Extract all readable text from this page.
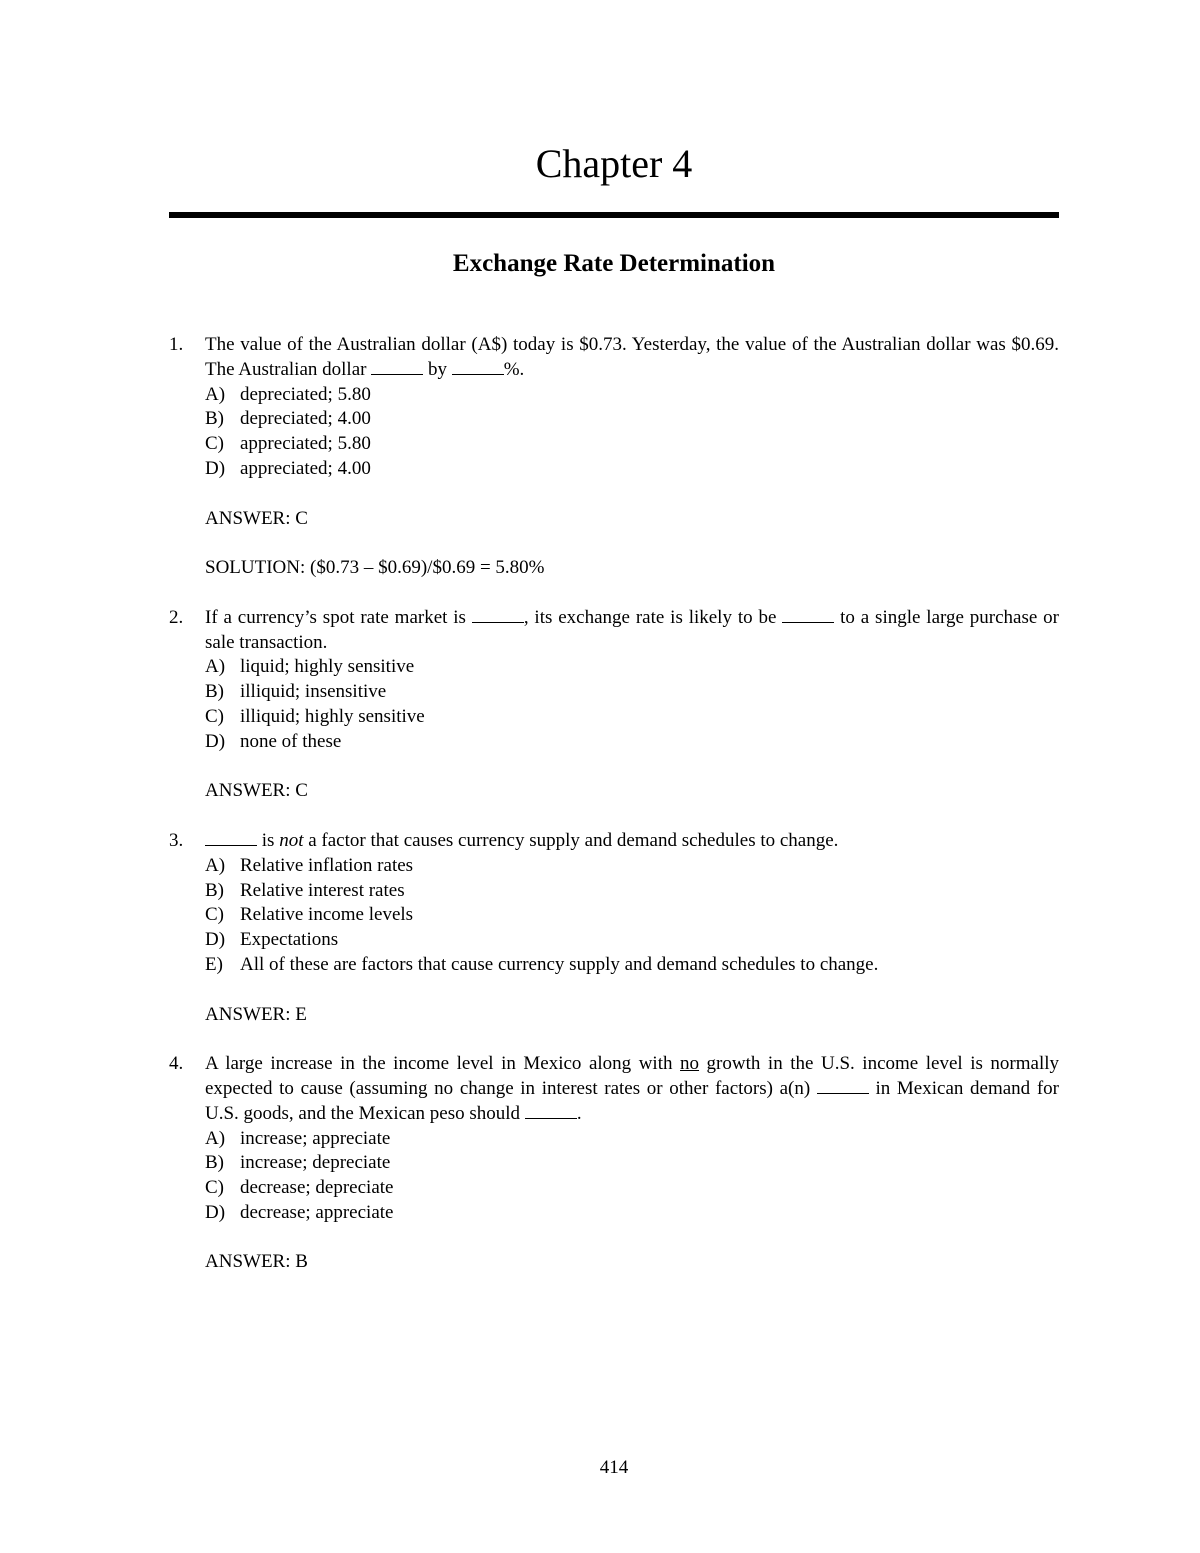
Chapter 4
Exchange Rate Determination
1.	The value of the Australian dollar (A$) today is $0.73. Yesterday, the value of the Australian dollar was $0.69. The Australian dollar	by	%.
A) depreciated; 5.80
B) depreciated; 4.00
C) appreciated; 5.80
D) appreciated; 4.00
ANSWER: C
SOLUTION: ($0.73 – $0.69)/$0.69 = 5.80%
2.	If a currency’s spot rate market is	, its exchange rate is likely to be	to a single large purchase or sale transaction.
A) liquid; highly sensitive
B) illiquid; insensitive
C) illiquid; highly sensitive
D) none of these
ANSWER: C
3.	is not a factor that causes currency supply and demand schedules to change.
A) Relative inflation rates
B) Relative interest rates
C) Relative income levels
D) Expectations
E) All of these are factors that cause currency supply and demand schedules to change.
ANSWER: E
4.	A large increase in the income level in Mexico along with no growth in the U.S. income level is normally expected to cause (assuming no change in interest rates or other factors) a(n)	in Mexican demand for U.S. goods, and the Mexican peso should	.
A) increase; appreciate
B) increase; depreciate
C) decrease; depreciate
D) decrease; appreciate
ANSWER: B
414
